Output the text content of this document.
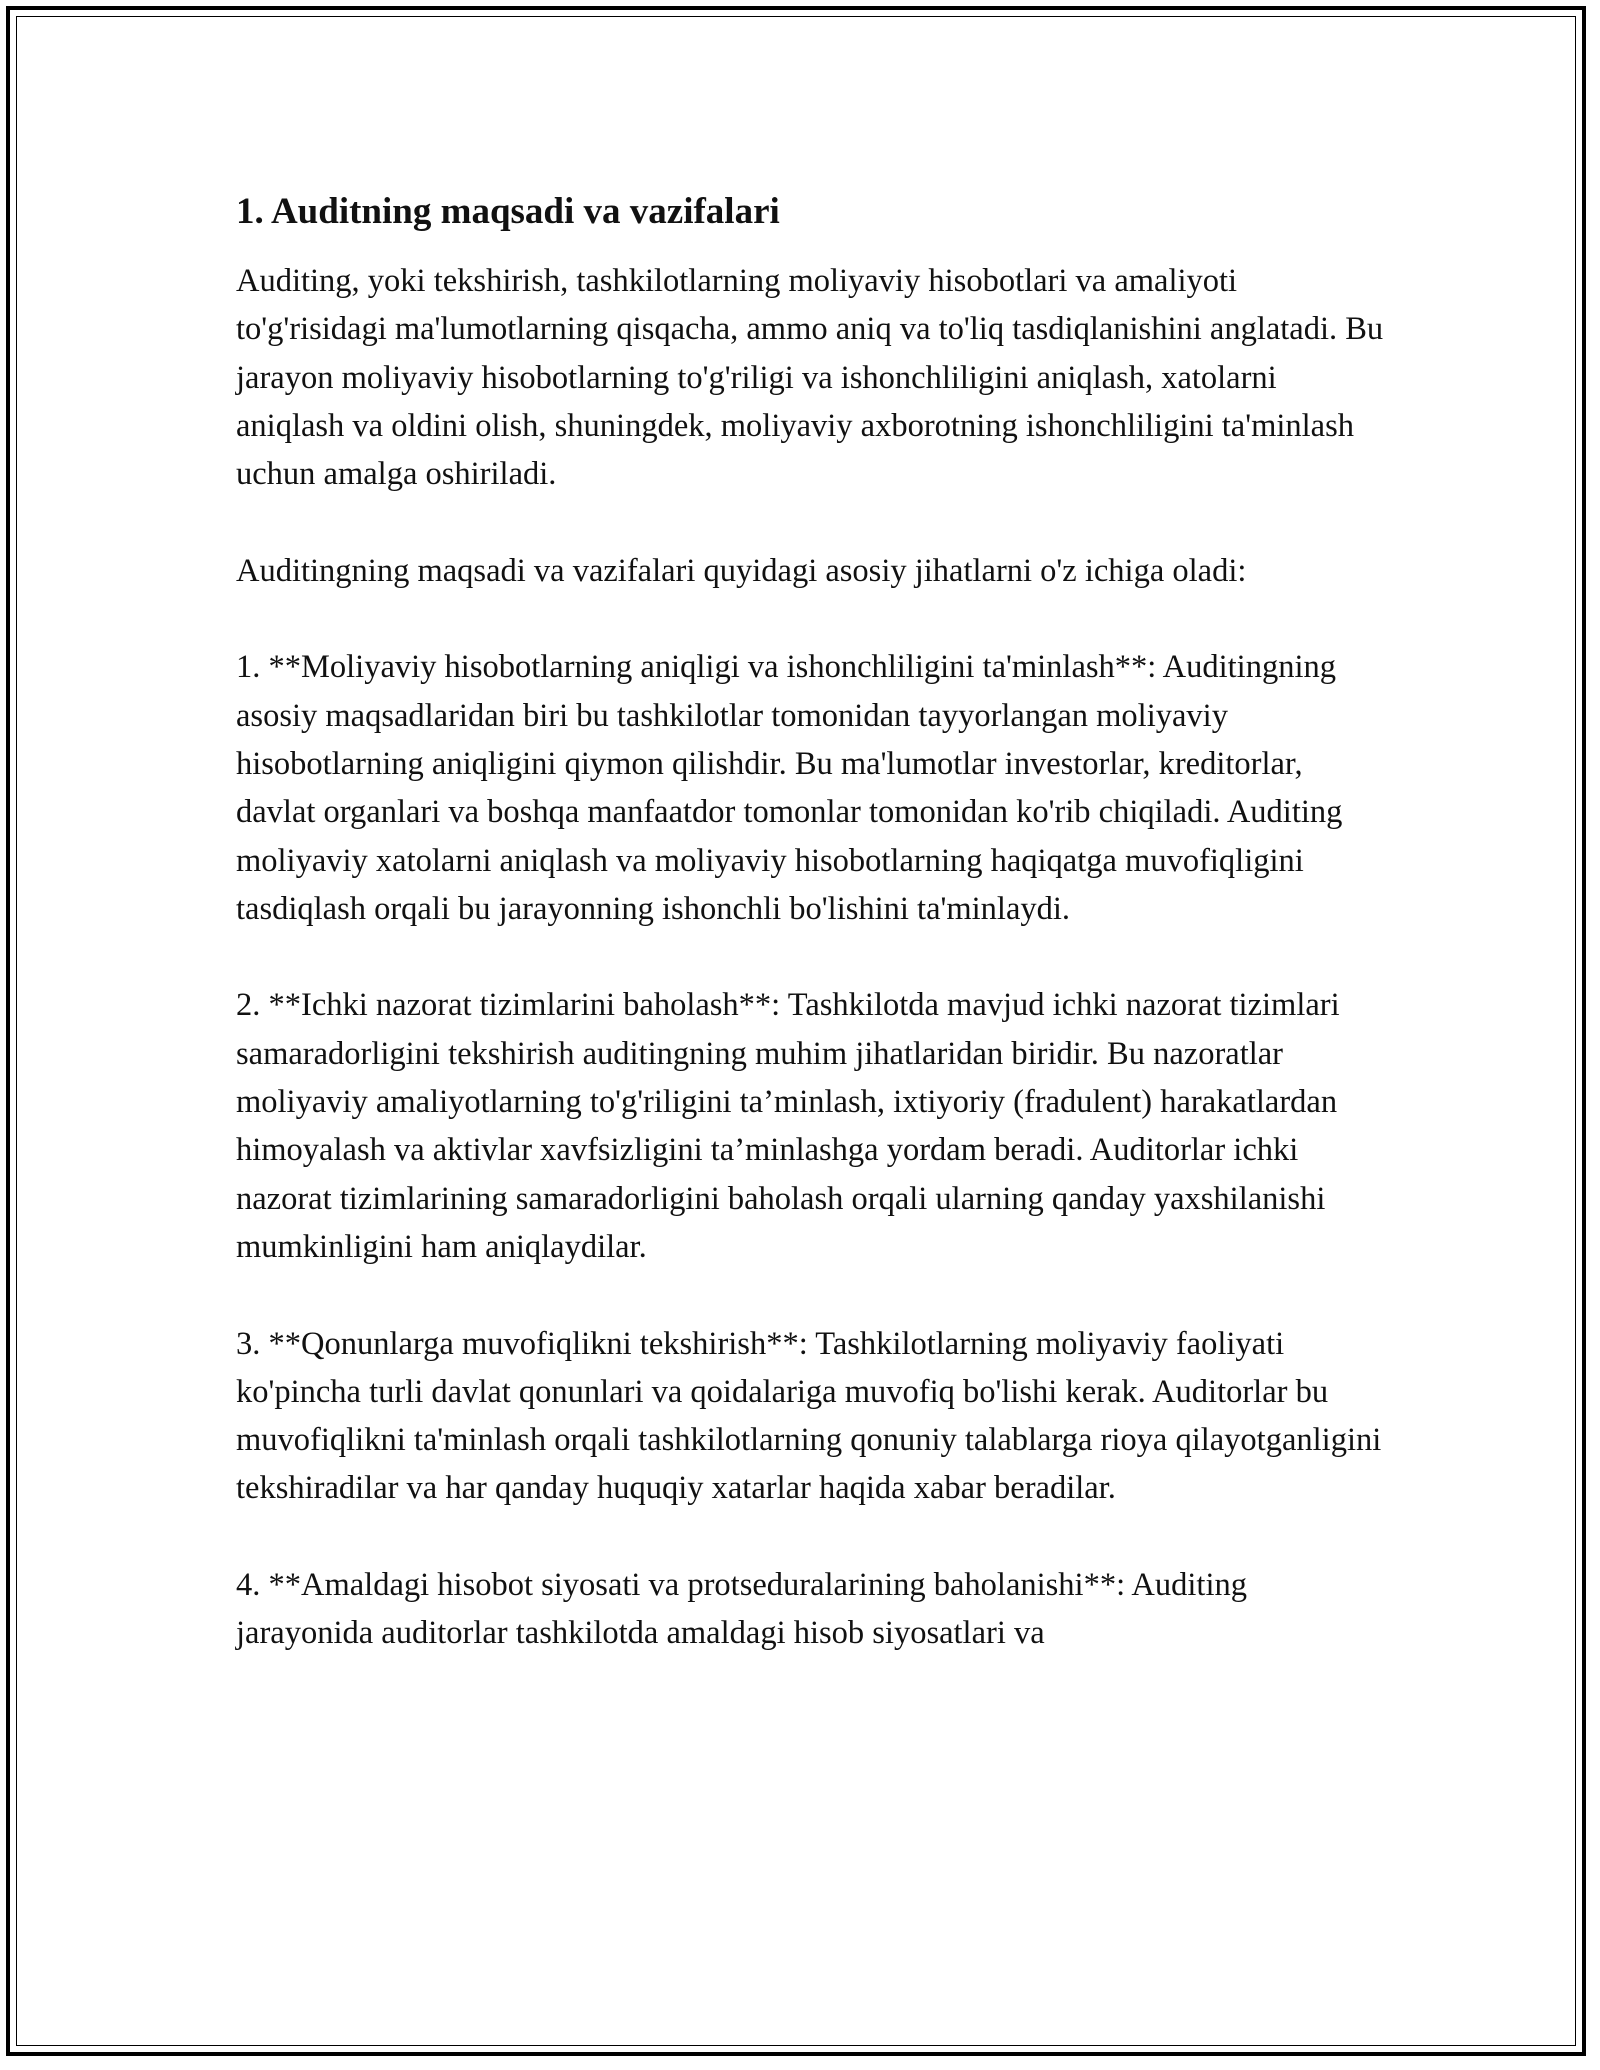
1. Auditning maqsadi va vazifalari

Auditing, yoki tekshirish, tashkilotlarning moliyaviy hisobotlari va amaliyoti to'g'risidagi ma'lumotlarning qisqacha, ammo aniq va to'liq tasdiqlanishini anglatadi. Bu jarayon moliyaviy hisobotlarning to'g'riligi va ishonchliligini aniqlash, xatolarni aniqlash va oldini olish, shuningdek, moliyaviy axborotning ishonchliligini ta'minlash uchun amalga oshiriladi.

Auditingning maqsadi va vazifalari quyidagi asosiy jihatlarni o'z ichiga oladi:

1. **Moliyaviy hisobotlarning aniqligi va ishonchliligini ta'minlash**: Auditingning asosiy maqsadlaridan biri bu tashkilotlar tomonidan tayyorlangan moliyaviy hisobotlarning aniqligini qiymon qilishdir. Bu ma'lumotlar investorlar, kreditorlar, davlat organlari va boshqa manfaatdor tomonlar tomonidan ko'rib chiqiladi. Auditing moliyaviy xatolarni aniqlash va moliyaviy hisobotlarning haqiqatga muvofiqligini tasdiqlash orqali bu jarayonning ishonchli bo'lishini ta'minlaydi.

2. **Ichki nazorat tizimlarini baholash**: Tashkilotda mavjud ichki nazorat tizimlari samaradorligini tekshirish auditingning muhim jihatlaridan biridir. Bu nazoratlar moliyaviy amaliyotlarning to'g'riligini ta’minlash, ixtiyoriy (fradulent) harakatlardan himoyalash va aktivlar xavfsizligini ta’minlashga yordam beradi. Auditorlar ichki nazorat tizimlarining samaradorligini baholash orqali ularning qanday yaxshilanishi mumkinligini ham aniqlaydilar.

3. **Qonunlarga muvofiqlikni tekshirish**: Tashkilotlarning moliyaviy faoliyati ko'pincha turli davlat qonunlari va qoidalariga muvofiq bo'lishi kerak. Auditorlar bu muvofiqlikni ta'minlash orqali tashkilotlarning qonuniy talablarga rioya qilayotganligini tekshiradilar va har qanday huquqiy xatarlar haqida xabar beradilar.

4. **Amaldagi hisobot siyosati va protseduralarining baholanishi**: Auditing jarayonida auditorlar tashkilotda amaldagi hisob siyosatlari va
